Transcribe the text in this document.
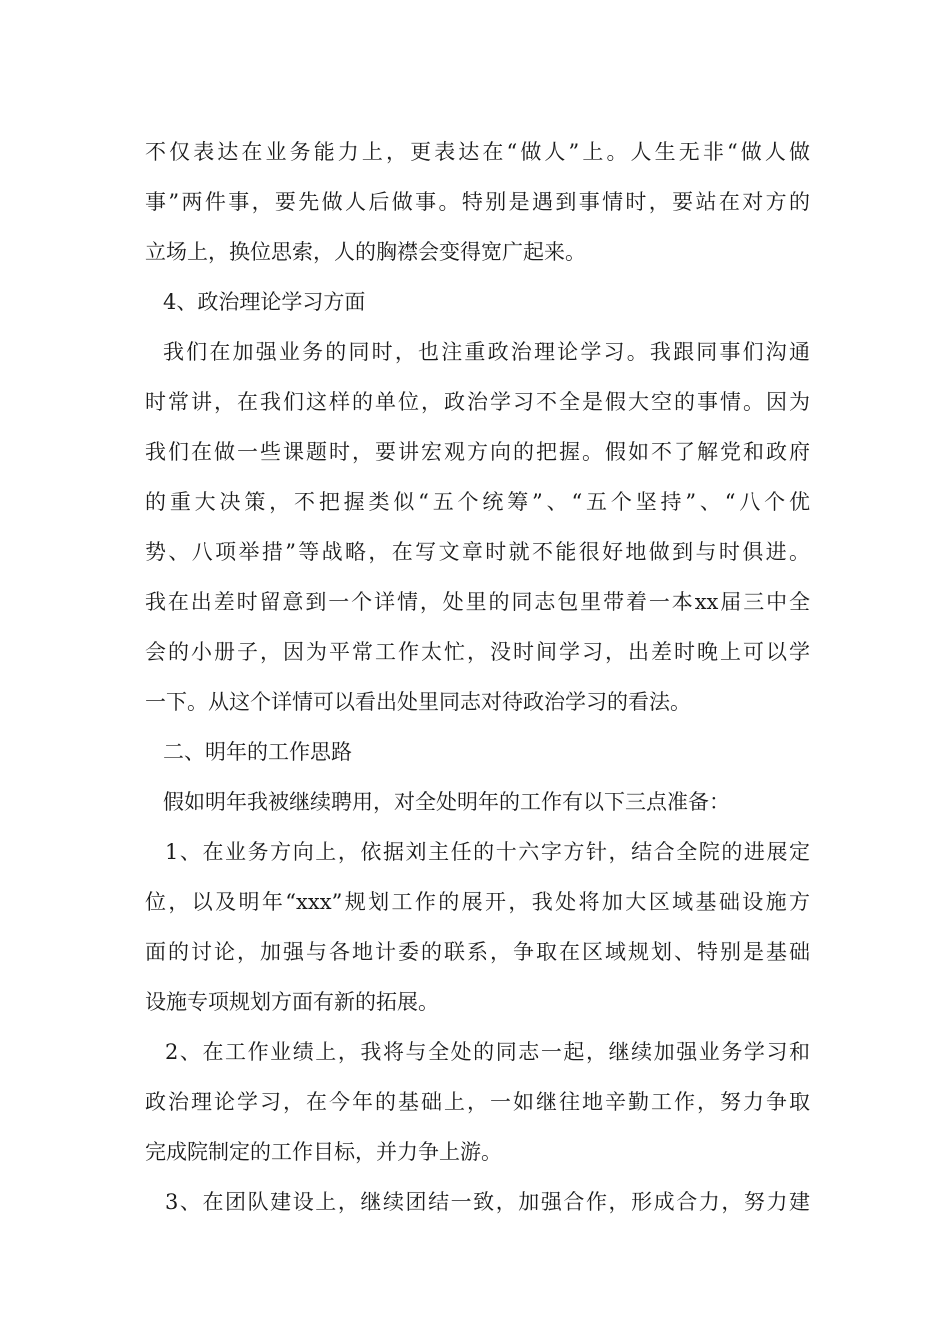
不仅表达在业务能力上，更表达在“做人”上。人生无非“做人做
事”两件事，要先做人后做事。特别是遇到事情时，要站在对方的
立场上，换位思索，人的胸襟会变得宽广起来。
4、政治理论学习方面
我们在加强业务的同时，也注重政治理论学习。我跟同事们沟通
时常讲，在我们这样的单位，政治学习不全是假大空的事情。因为
我们在做一些课题时，要讲宏观方向的把握。假如不了解党和政府
的重大决策，不把握类似“五个统筹”、“五个坚持”、“八个优
势、八项举措”等战略，在写文章时就不能很好地做到与时俱进。
我在出差时留意到一个详情，处里的同志包里带着一本xx届三中全
会的小册子，因为平常工作太忙，没时间学习，出差时晚上可以学
一下。从这个详情可以看出处里同志对待政治学习的看法。
二、明年的工作思路
假如明年我被继续聘用，对全处明年的工作有以下三点准备：
1、在业务方向上，依据刘主任的十六字方针，结合全院的进展定
位，以及明年“xxx”规划工作的展开，我处将加大区域基础设施方
面的讨论，加强与各地计委的联系，争取在区域规划、特别是基础
设施专项规划方面有新的拓展。
2、在工作业绩上，我将与全处的同志一起，继续加强业务学习和
政治理论学习，在今年的基础上，一如继往地辛勤工作，努力争取
完成院制定的工作目标，并力争上游。
3、在团队建设上，继续团结一致，加强合作，形成合力，努力建
